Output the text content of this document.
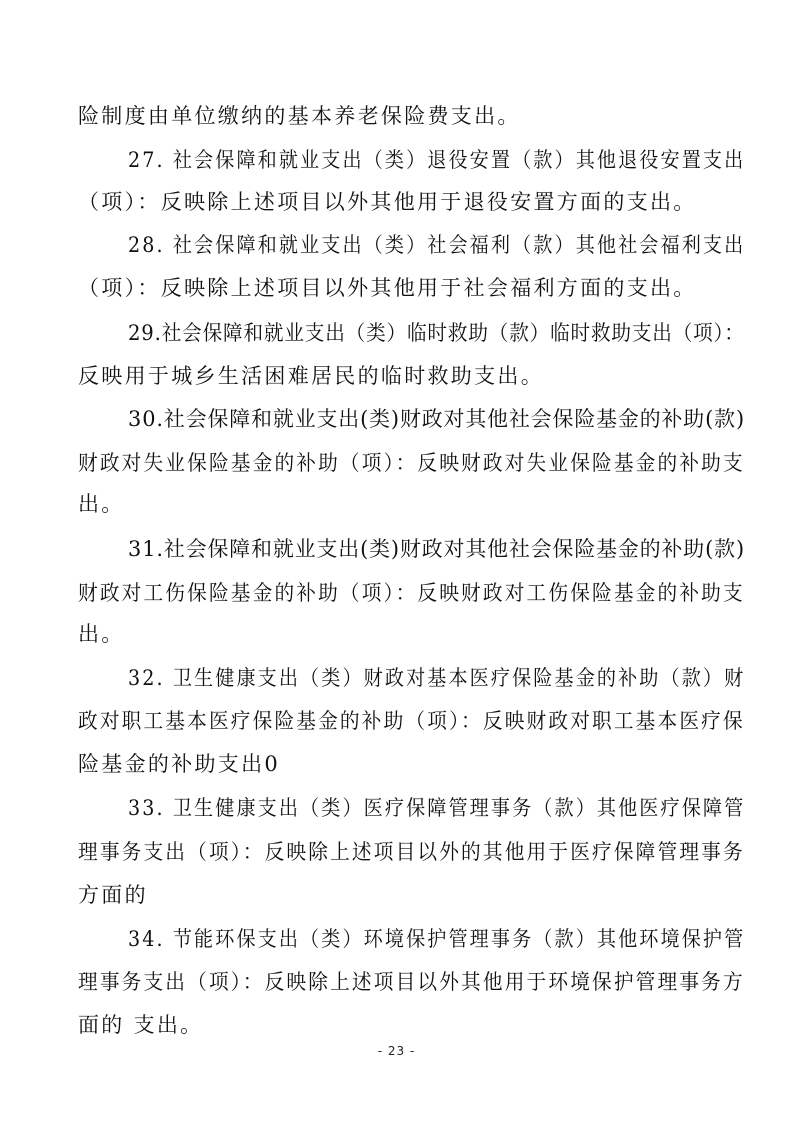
险制度由单位缴纳的基本养老保险费支出。
27. 社会保障和就业支出（类）退役安置（款）其他退役安置支出
（项）：反映除上述项目以外其他用于退役安置方面的支出。
28. 社会保障和就业支出（类）社会福利（款）其他社会福利支出
（项）：反映除上述项目以外其他用于社会福利方面的支出。
29.社会保障和就业支出（类）临时救助（款）临时救助支出（项）：
反映用于城乡生活困难居民的临时救助支出。
30.社会保障和就业支出(类)财政对其他社会保险基金的补助(款)
财政对失业保险基金的补助（项）：反映财政对失业保险基金的补助支
出。
31.社会保障和就业支出(类)财政对其他社会保险基金的补助(款)
财政对工伤保险基金的补助（项）：反映财政对工伤保险基金的补助支
出。
32. 卫生健康支出（类）财政对基本医疗保险基金的补助（款）财
政对职工基本医疗保险基金的补助（项）：反映财政对职工基本医疗保
险基金的补助支出0
33. 卫生健康支出（类）医疗保障管理事务（款）其他医疗保障管
理事务支出（项）：反映除上述项目以外的其他用于医疗保障管理事务
方面的
34. 节能环保支出（类）环境保护管理事务（款）其他环境保护管
理事务支出（项）：反映除上述项目以外其他用于环境保护管理事务方
面的 支出。
- 23 -
